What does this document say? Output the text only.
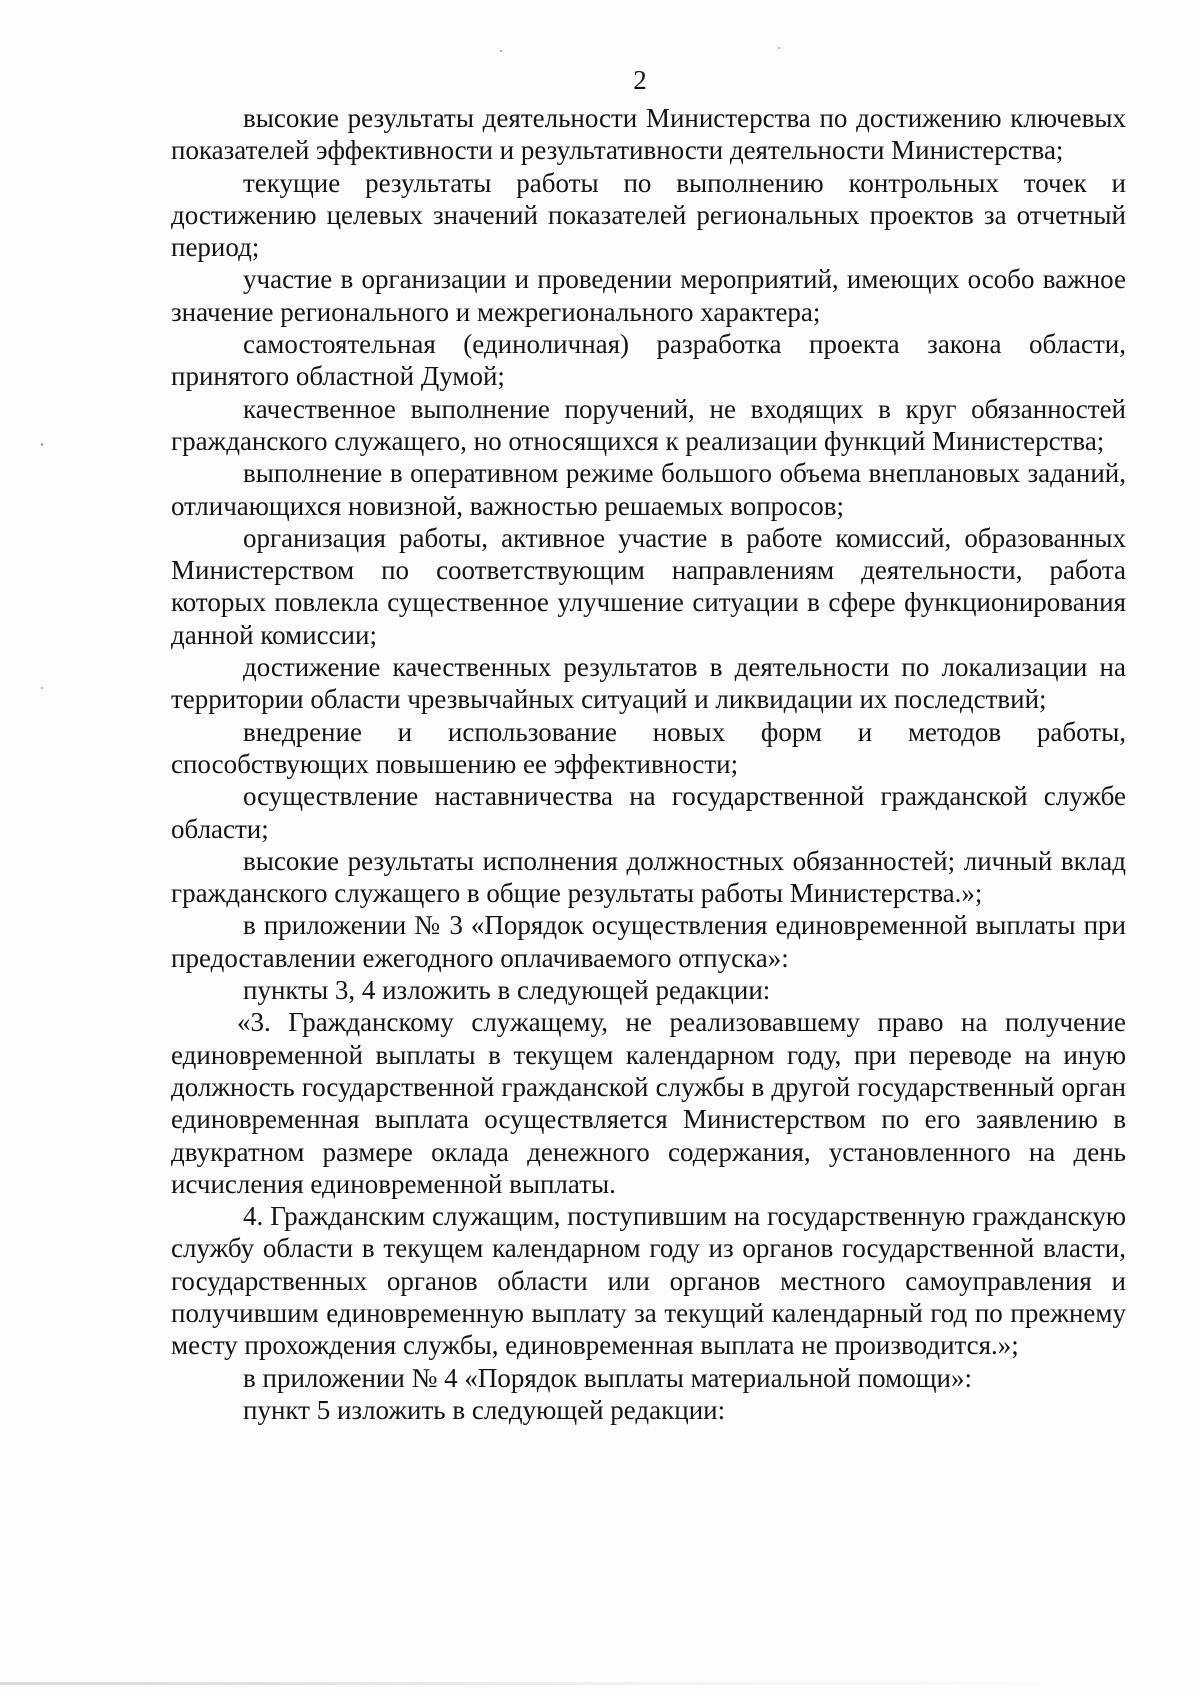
2

высокие результаты деятельности Министерства по достижению ключевых показателей эффективности и результативности деятельности Министерства;

текущие результаты работы по выполнению контрольных точек и достижению целевых значений показателей региональных проектов за отчетный период;

участие в организации и проведении мероприятий, имеющих особо важное значение регионального и межрегионального характера;

самостоятельная (единоличная) разработка проекта закона области, принятого областной Думой;

качественное выполнение поручений, не входящих в круг обязанностей гражданского служащего, но относящихся к реализации функций Министерства;

выполнение в оперативном режиме большого объема внеплановых заданий, отличающихся новизной, важностью решаемых вопросов;

организация работы, активное участие в работе комиссий, образованных Министерством по соответствующим направлениям деятельности, работа которых повлекла существенное улучшение ситуации в сфере функционирования данной комиссии;

достижение качественных результатов в деятельности по локализации на территории области чрезвычайных ситуаций и ликвидации их последствий;

внедрение и использование новых форм и методов работы, способствующих повышению ее эффективности;

осуществление наставничества на государственной гражданской службе области;

высокие результаты исполнения должностных обязанностей; личный вклад гражданского служащего в общие результаты работы Министерства.»;

в приложении № 3 «Порядок осуществления единовременной выплаты при предоставлении ежегодного оплачиваемого отпуска»:

пункты 3, 4 изложить в следующей редакции:

«3. Гражданскому служащему, не реализовавшему право на получение единовременной выплаты в текущем календарном году, при переводе на иную должность государственной гражданской службы в другой государственный орган единовременная выплата осуществляется Министерством по его заявлению в двукратном размере оклада денежного содержания, установленного на день исчисления единовременной выплаты.

4. Гражданским служащим, поступившим на государственную гражданскую службу области в текущем календарном году из органов государственной власти, государственных органов области или органов местного самоуправления и получившим единовременную выплату за текущий календарный год по прежнему месту прохождения службы, единовременная выплата не производится.»;

в приложении № 4 «Порядок выплаты материальной помощи»:

пункт 5 изложить в следующей редакции:
